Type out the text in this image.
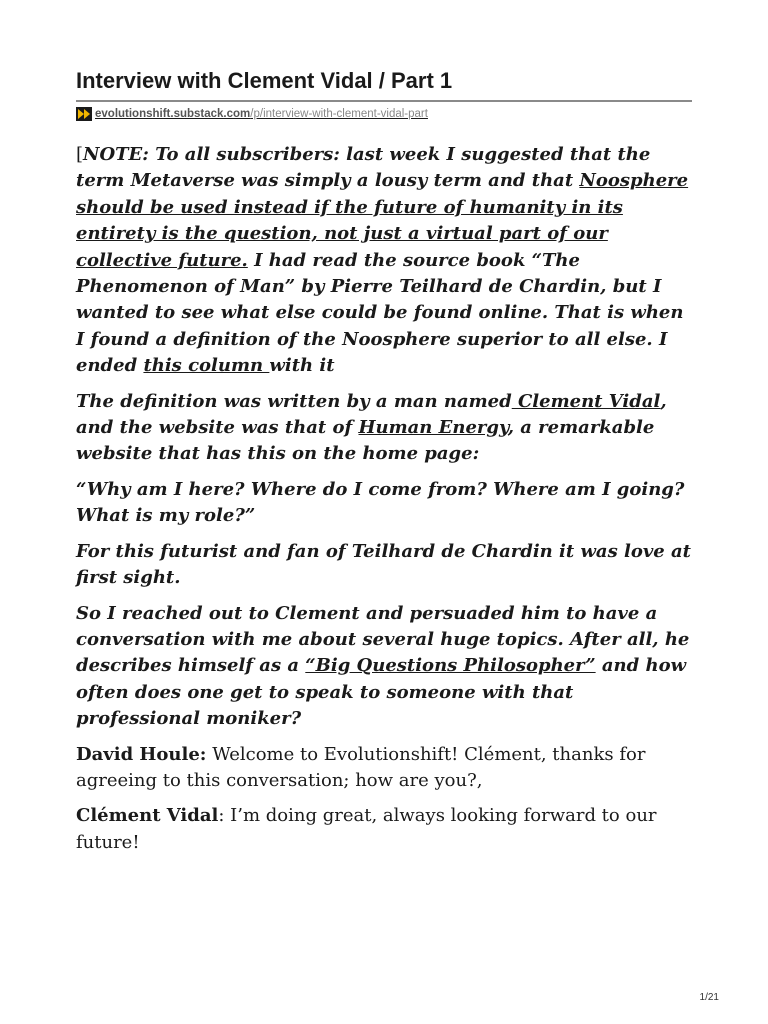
Interview with Clement Vidal / Part 1
evolutionshift.substack.com/p/interview-with-clement-vidal-part

[NOTE: To all subscribers: last week I suggested that the term Metaverse was simply a lousy term and that Noosphere should be used instead if the future of humanity in its entirety is the question, not just a virtual part of our collective future. I had read the source book “The Phenomenon of Man” by Pierre Teilhard de Chardin, but I wanted to see what else could be found online. That is when I found a definition of the Noosphere superior to all else. I ended this column with it

The definition was written by a man named Clement Vidal, and the website was that of Human Energy, a remarkable website that has this on the home page:

“Why am I here? Where do I come from? Where am I going? What is my role?”

For this futurist and fan of Teilhard de Chardin it was love at first sight.

So I reached out to Clement and persuaded him to have a conversation with me about several huge topics. After all, he describes himself as a “Big Questions Philosopher” and how often does one get to speak to someone with that professional moniker?

David Houle: Welcome to Evolutionshift! Clément, thanks for agreeing to this conversation; how are you?,

Clément Vidal: I’m doing great, always looking forward to our future!

1/21
